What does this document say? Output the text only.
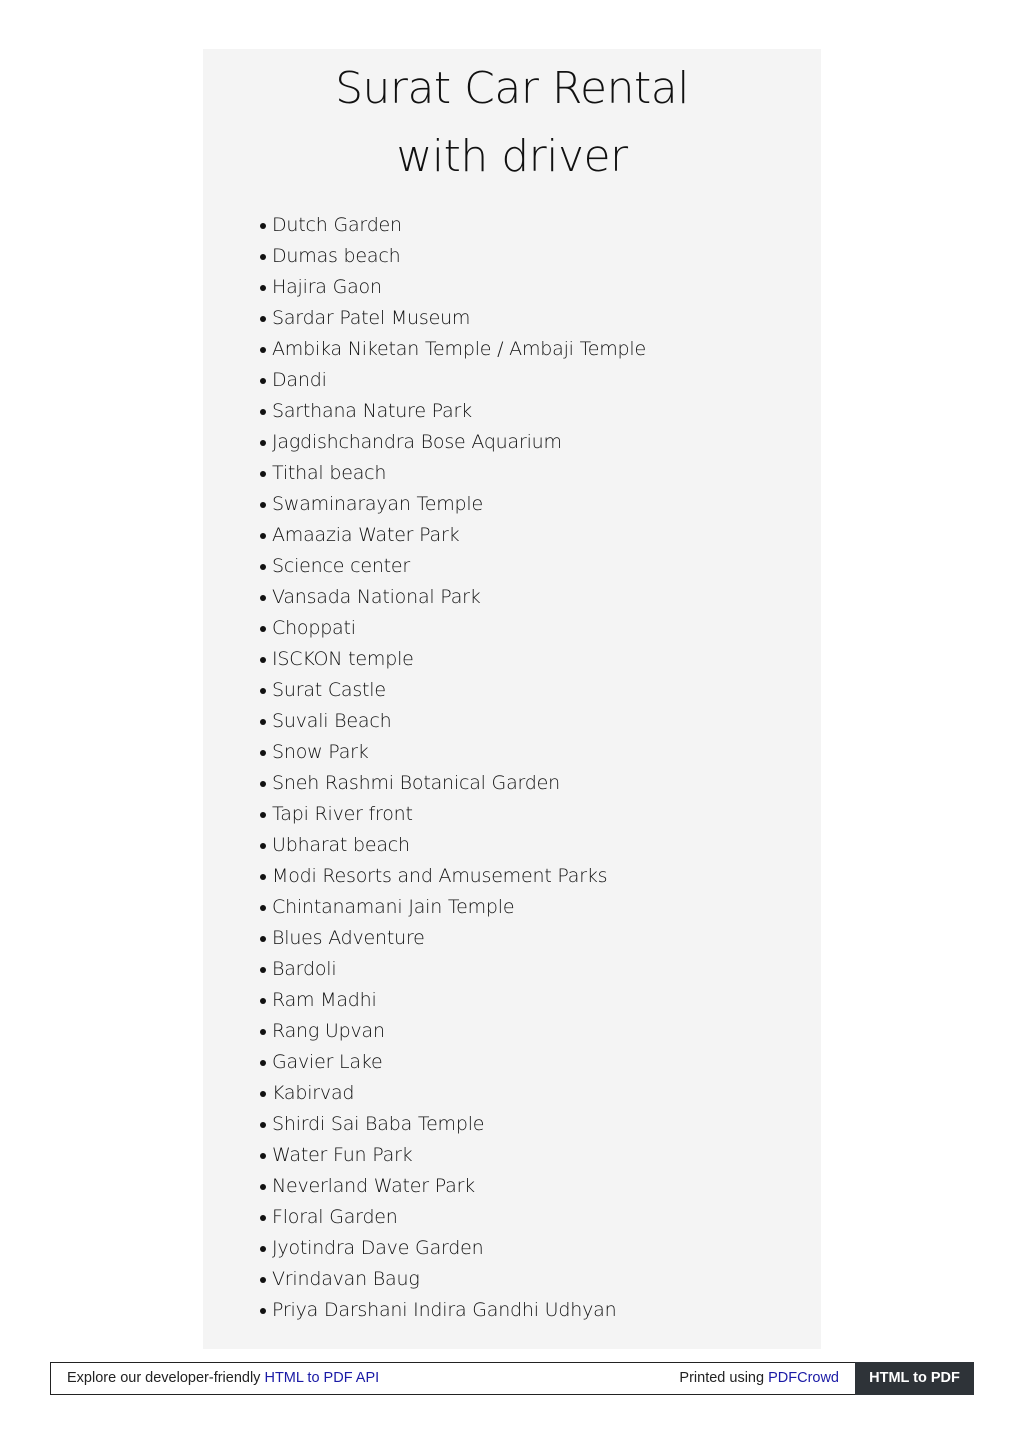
Surat Car Rental with driver
Dutch Garden
Dumas beach
Hajira Gaon
Sardar Patel Museum
Ambika Niketan Temple / Ambaji Temple
Dandi
Sarthana Nature Park
Jagdishchandra Bose Aquarium
Tithal beach
Swaminarayan Temple
Amaazia Water Park
Science center
Vansada National Park
Choppati
ISCKON temple
Surat Castle
Suvali Beach
Snow Park
Sneh Rashmi Botanical Garden
Tapi River front
Ubharat beach
Modi Resorts and Amusement Parks
Chintanamani Jain Temple
Blues Adventure
Bardoli
Ram Madhi
Rang Upvan
Gavier Lake
Kabirvad
Shirdi Sai Baba Temple
Water Fun Park
Neverland Water Park
Floral Garden
Jyotindra Dave Garden
Vrindavan Baug
Priya Darshani Indira Gandhi Udhyan
Explore our developer-friendly HTML to PDF API	Printed using PDFCrowd	HTML to PDF
